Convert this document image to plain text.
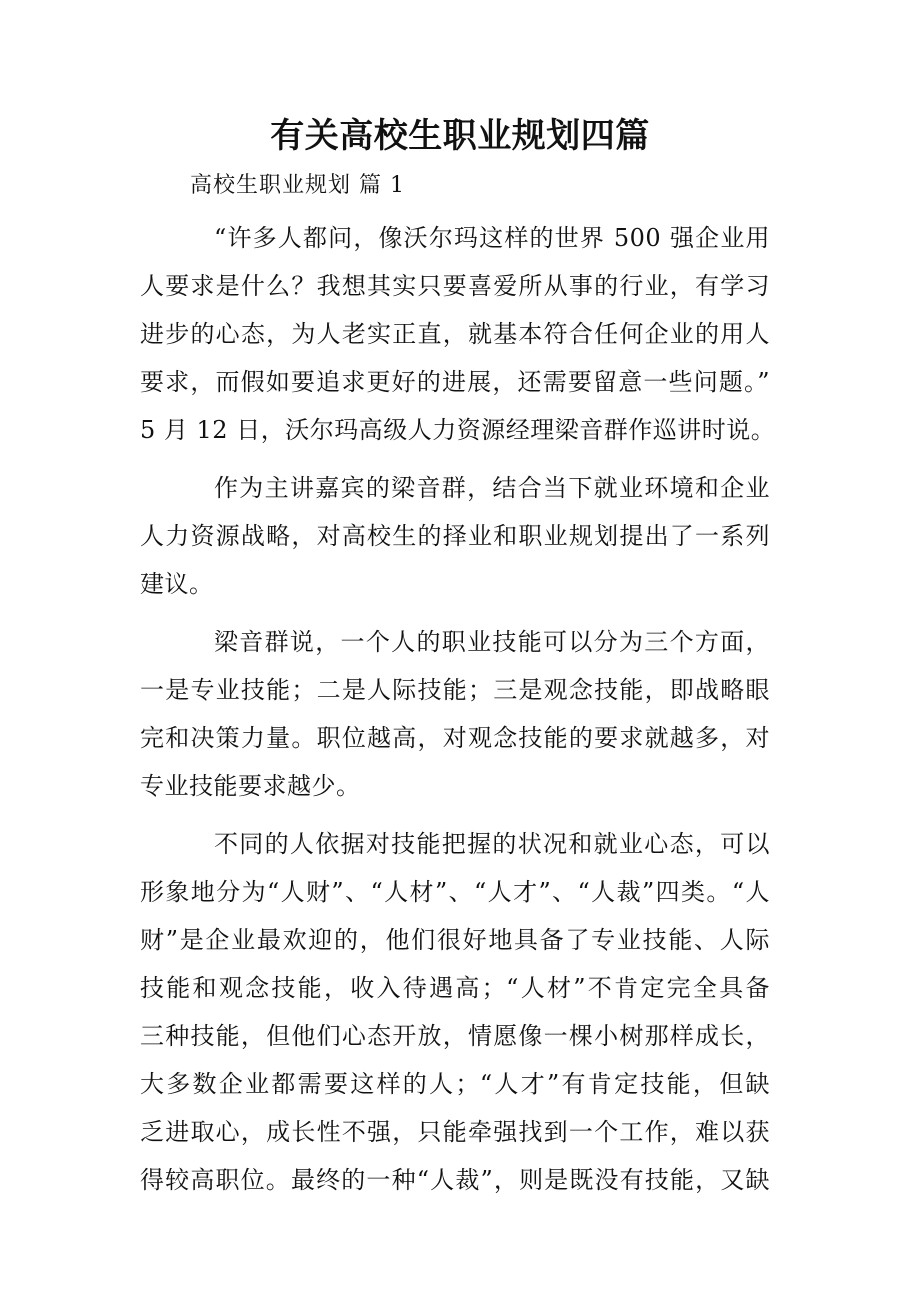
有关高校生职业规划四篇
高校生职业规划 篇 1

“许多人都问，像沃尔玛这样的世界 500 强企业用
人要求是什么？我想其实只要喜爱所从事的行业，有学习
进步的心态，为人老实正直，就基本符合任何企业的用人
要求，而假如要追求更好的进展，还需要留意一些问题。”
5 月 12 日，沃尔玛高级人力资源经理梁音群作巡讲时说。

作为主讲嘉宾的梁音群，结合当下就业环境和企业
人力资源战略，对高校生的择业和职业规划提出了一系列
建议。

梁音群说，一个人的职业技能可以分为三个方面，
一是专业技能；二是人际技能；三是观念技能，即战略眼
完和决策力量。职位越高，对观念技能的要求就越多，对
专业技能要求越少。

不同的人依据对技能把握的状况和就业心态，可以
形象地分为“人财”、“人材”、“人才”、“人裁”四类。“人
财”是企业最欢迎的，他们很好地具备了专业技能、人际
技能和观念技能，收入待遇高；“人材”不肯定完全具备
三种技能，但他们心态开放，情愿像一棵小树那样成长，
大多数企业都需要这样的人；“人才”有肯定技能，但缺
乏进取心，成长性不强，只能牵强找到一个工作，难以获
得较高职位。最终的一种“人裁”，则是既没有技能，又缺
